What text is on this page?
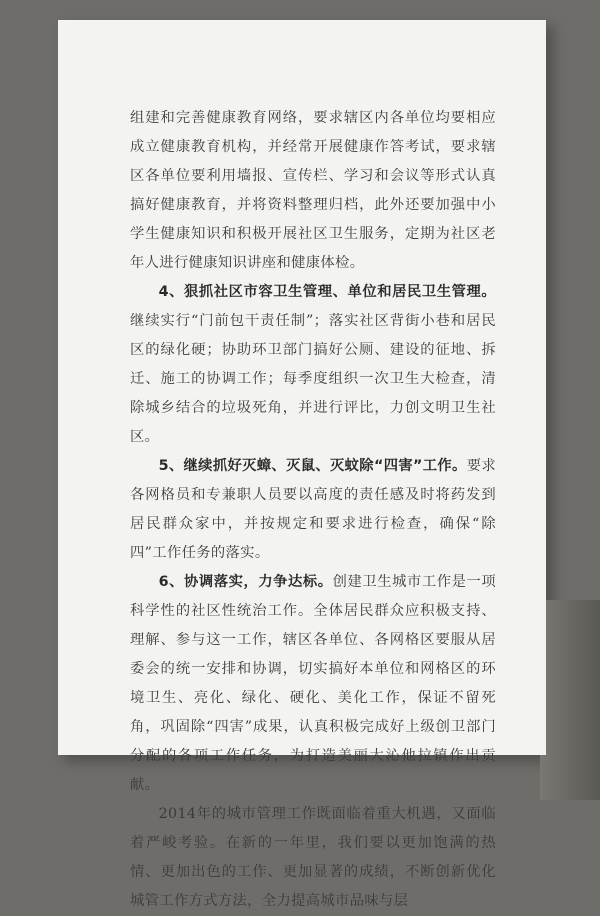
组建和完善健康教育网络，要求辖区内各单位均要相应成立健康教育机构，并经常开展健康作答考试，要求辖区各单位要利用墙报、宣传栏、学习和会议等形式认真搞好健康教育，并将资料整理归档，此外还要加强中小学生健康知识和积极开展社区卫生服务，定期为社区老年人进行健康知识讲座和健康体检。

4、狠抓社区市容卫生管理、单位和居民卫生管理。继续实行“门前包干责任制”；落实社区背街小巷和居民区的绿化硬；协助环卫部门搞好公厕、建设的征地、拆迁、施工的协调工作；每季度组织一次卫生大检查，清除城乡结合的垃圾死角，并进行评比，力创文明卫生社区。

5、继续抓好灭蟑、灭鼠、灭蚊除“四害”工作。要求各网格员和专兼职人员要以高度的责任感及时将药发到居民群众家中，并按规定和要求进行检查，确保“除四”工作任务的落实。

6、协调落实，力争达标。创建卫生城市工作是一项科学性的社区性统治工作。全体居民群众应积极支持、理解、参与这一工作，辖区各单位、各网格区要服从居委会的统一安排和协调，切实搞好本单位和网格区的环境卫生、亮化、绿化、硬化、美化工作，保证不留死角，巩固除“四害”成果，认真积极完成好上级创卫部门分配的各项工作任务，为打造美丽大沁他拉镇作出贡献。

2014年的城市管理工作既面临着重大机遇，又面临着严峻考验。在新的一年里，我们要以更加饱满的热情、更加出色的工作、更加显著的成绩，不断创新优化城管工作方式方法，全力提高城市品味与层
